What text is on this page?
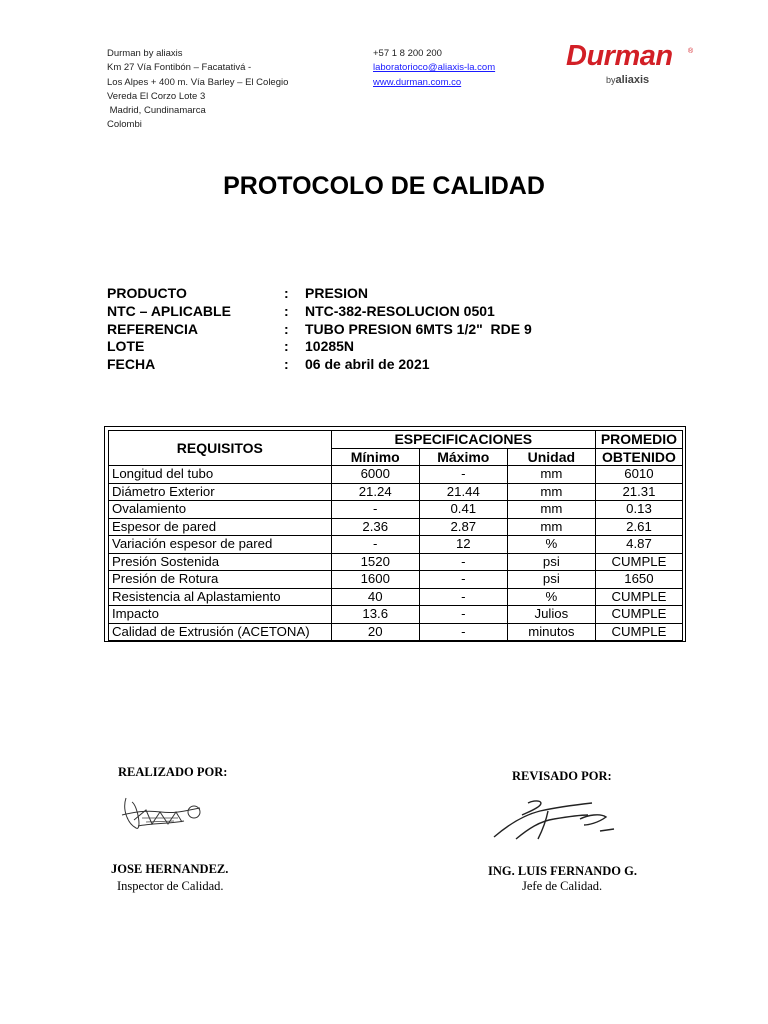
Durman by aliaxis
Km 27 Vía Fontibón – Facatativá -
Los Alpes + 400 m. Vía Barley – El Colegio
Vereda El Corzo Lote 3
Madrid, Cundinamarca
Colombi
+57 1 8 200 200
laboratorioco@aliaxis-la.com
www.durman.com.co
Durman ®
byaliaxis
PROTOCOLO DE CALIDAD
PRODUCTO	: PRESION
NTC – APLICABLE	: NTC-382-RESOLUCION 0501
REFERENCIA	: TUBO PRESION 6MTS 1/2"  RDE 9
LOTE	: 10285N
FECHA	: 06 de abril de 2021
REQUISITOS	ESPECIFICACIONES			PROMEDIO
	Mínimo	Máximo	Unidad	OBTENIDO
Longitud del tubo	6000	-	mm	6010
Diámetro Exterior	21.24	21.44	mm	21.31
Ovalamiento	-	0.41	mm	0.13
Espesor de pared	2.36	2.87	mm	2.61
Variación espesor de pared	-	12	%	4.87
Presión Sostenida	1520	-	psi	CUMPLE
Presión de Rotura	1600	-	psi	1650
Resistencia al Aplastamiento	40	-	%	CUMPLE
Impacto	13.6	-	Julios	CUMPLE
Calidad de Extrusión (ACETONA)	20	-	minutos	CUMPLE
REALIZADO POR:
JOSE HERNANDEZ.
Inspector de Calidad.
REVISADO POR:
ING. LUIS FERNANDO G.
Jefe de Calidad.
